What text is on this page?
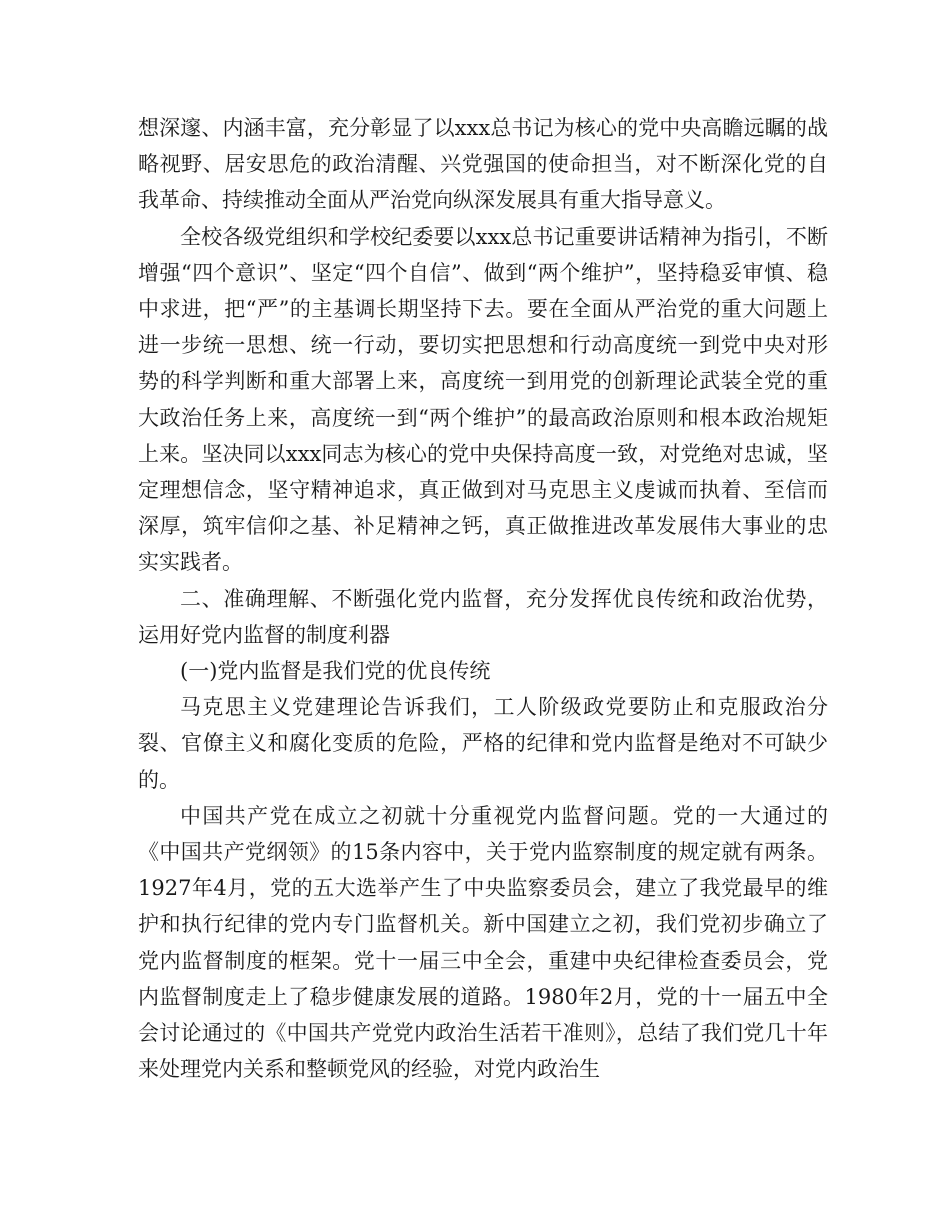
想深邃、内涵丰富，充分彰显了以xxx总书记为核心的党中央高瞻远瞩的战略视野、居安思危的政治清醒、兴党强国的使命担当，对不断深化党的自我革命、持续推动全面从严治党向纵深发展具有重大指导意义。

全校各级党组织和学校纪委要以xxx总书记重要讲话精神为指引，不断增强“四个意识”、坚定“四个自信”、做到“两个维护”，坚持稳妥审慎、稳中求进，把“严”的主基调长期坚持下去。要在全面从严治党的重大问题上进一步统一思想、统一行动，要切实把思想和行动高度统一到党中央对形势的科学判断和重大部署上来，高度统一到用党的创新理论武装全党的重大政治任务上来，高度统一到“两个维护”的最高政治原则和根本政治规矩上来。坚决同以xxx同志为核心的党中央保持高度一致，对党绝对忠诚，坚定理想信念，坚守精神追求，真正做到对马克思主义虔诚而执着、至信而深厚，筑牢信仰之基、补足精神之钙，真正做推进改革发展伟大事业的忠实实践者。

二、准确理解、不断强化党内监督，充分发挥优良传统和政治优势，运用好党内监督的制度利器

(一)党内监督是我们党的优良传统

马克思主义党建理论告诉我们，工人阶级政党要防止和克服政治分裂、官僚主义和腐化变质的危险，严格的纪律和党内监督是绝对不可缺少的。

中国共产党在成立之初就十分重视党内监督问题。党的一大通过的《中国共产党纲领》的15条内容中，关于党内监察制度的规定就有两条。1927年4月，党的五大选举产生了中央监察委员会，建立了我党最早的维护和执行纪律的党内专门监督机关。新中国建立之初，我们党初步确立了党内监督制度的框架。党十一届三中全会，重建中央纪律检查委员会，党内监督制度走上了稳步健康发展的道路。1980年2月，党的十一届五中全会讨论通过的《中国共产党党内政治生活若干准则》，总结了我们党几十年来处理党内关系和整顿党风的经验，对党内政治生
